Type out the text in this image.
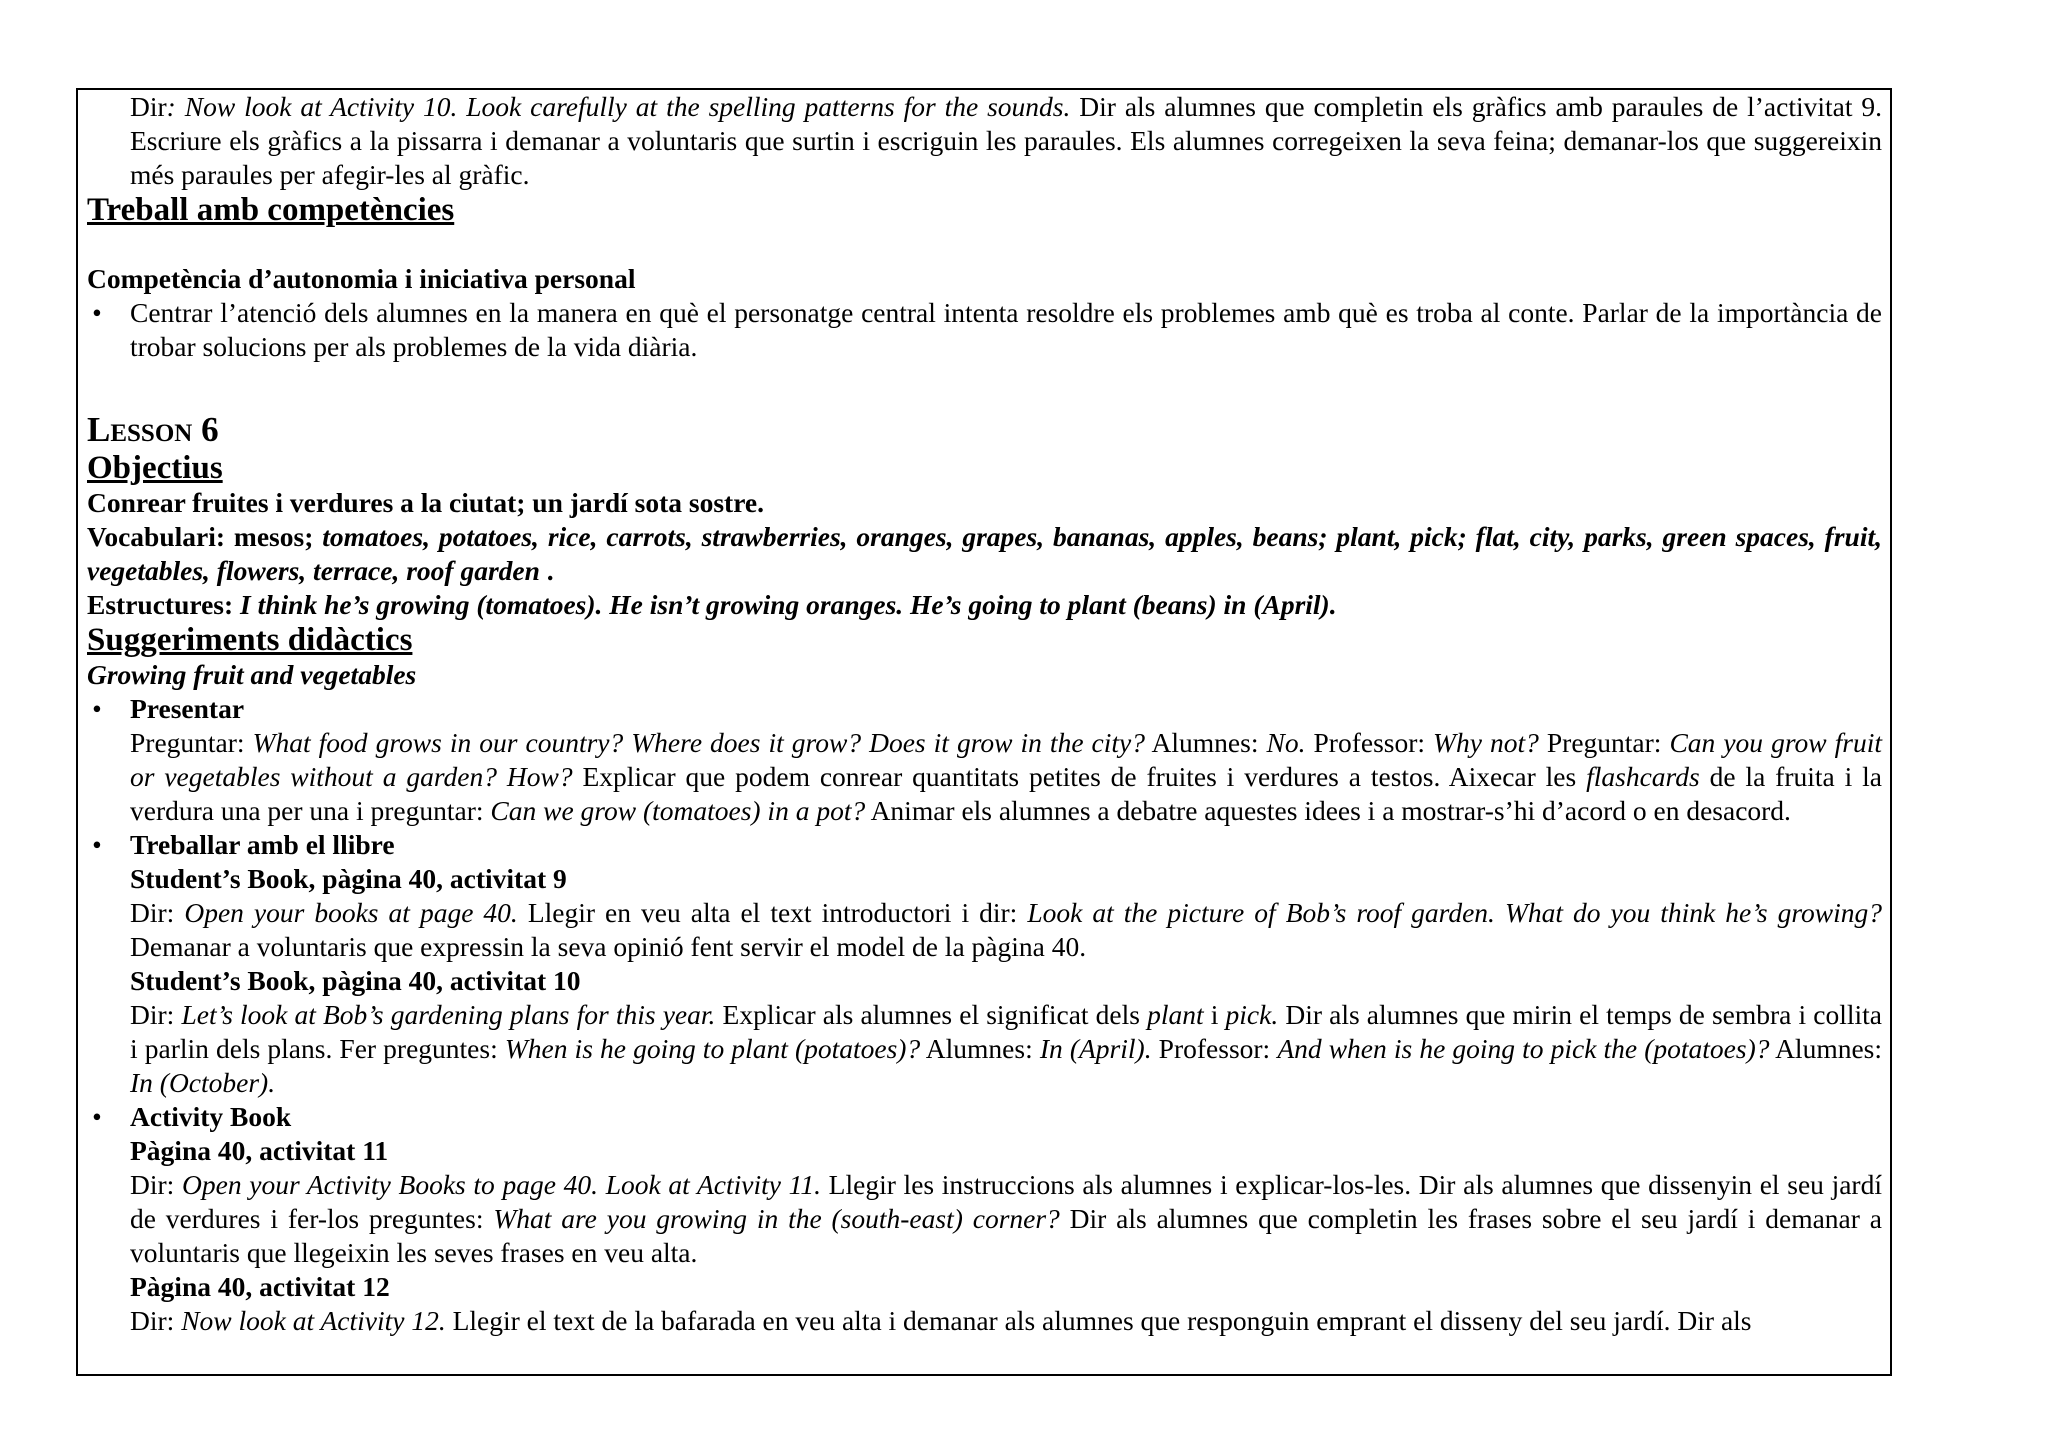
Dir: Now look at Activity 10. Look carefully at the spelling patterns for the sounds. Dir als alumnes que completin els gràfics amb paraules de l’activitat 9. Escriure els gràfics a la pissarra i demanar a voluntaris que surtin i escriguin les paraules. Els alumnes corregeixen la seva feina; demanar-los que suggereixin més paraules per afegir-les al gràfic.
Treball amb competències
Competència d’autonomia i iniciativa personal
• Centrar l’atenció dels alumnes en la manera en què el personatge central intenta resoldre els problemes amb què es troba al conte. Parlar de la importància de trobar solucions per als problemes de la vida diària.
Lesson 6
Objectius
Conrear fruites i verdures a la ciutat; un jardí sota sostre.
Vocabulari: mesos; tomatoes, potatoes, rice, carrots, strawberries, oranges, grapes, bananas, apples, beans; plant, pick; flat, city, parks, green spaces, fruit, vegetables, flowers, terrace, roof garden .
Estructures: I think he’s growing (tomatoes). He isn’t growing oranges. He’s going to plant (beans) in (April).
Suggeriments didàctics
Growing fruit and vegetables
• Presentar
Preguntar: What food grows in our country? Where does it grow? Does it grow in the city? Alumnes: No. Professor: Why not? Preguntar: Can you grow fruit or vegetables without a garden? How? Explicar que podem conrear quantitats petites de fruites i verdures a testos. Aixecar les flashcards de la fruita i la verdura una per una i preguntar: Can we grow (tomatoes) in a pot? Animar els alumnes a debatre aquestes idees i a mostrar-s’hi d’acord o en desacord.
• Treballar amb el llibre
Student’s Book, pàgina 40, activitat 9
Dir: Open your books at page 40. Llegir en veu alta el text introductori i dir: Look at the picture of Bob’s roof garden. What do you think he’s growing? Demanar a voluntaris que expressin la seva opinió fent servir el model de la pàgina 40.
Student’s Book, pàgina 40, activitat 10
Dir: Let’s look at Bob’s gardening plans for this year. Explicar als alumnes el significat dels plant i pick. Dir als alumnes que mirin el temps de sembra i collita i parlin dels plans. Fer preguntes: When is he going to plant (potatoes)? Alumnes: In (April). Professor: And when is he going to pick the (potatoes)? Alumnes: In (October).
• Activity Book
Pàgina 40, activitat 11
Dir: Open your Activity Books to page 40. Look at Activity 11. Llegir les instruccions als alumnes i explicar-los-les. Dir als alumnes que dissenyin el seu jardí de verdures i fer-los preguntes: What are you growing in the (south-east) corner? Dir als alumnes que completin les frases sobre el seu jardí i demanar a voluntaris que llegeixin les seves frases en veu alta.
Pàgina 40, activitat 12
Dir: Now look at Activity 12. Llegir el text de la bafarada en veu alta i demanar als alumnes que responguin emprant el disseny del seu jardí. Dir als
